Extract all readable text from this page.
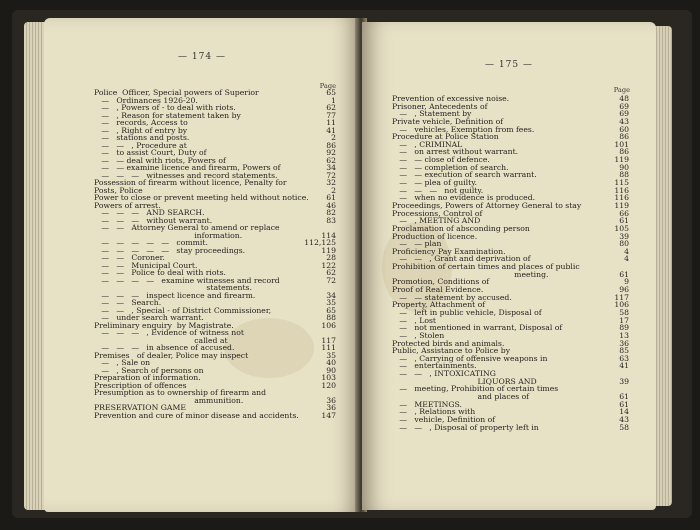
— 174 —
Page
Police  Officer, Special powers of Superior	65
—   Ordinances 1926-20.	1
—   , Powers of - to deal with riots.	62
—   , Reason for statement taken by	77
—   records, Access to	11
—   , Right of entry by	41
—   stations and posts.	2
—   —   , Procedure at	86
—   to assist Court, Duty of	92
—   — deal with riots, Powers of	62
—   — examine licence and firearm, Powers of	34
—   —   —   witnesses and record statements.	72
Possession of firearm without licence, Penalty for	32
Posts, Police	2
Power to close or prevent meeting held without notice. 61
Powers of arrest.	46
—   —   —   AND SEARCH.	82
—   —   —   without warrant.	83
—   —   Attorney General to amend or replace
information.	114
—   —   —   —   —   commit.	112,125
—   —   —   —   —   stay proceedings.	119
—   —   Coroner.	28
—   —   Municipal Court.	122
—   —   Police to deal with riots.	62
—   —   —   —   examine witnesses and record	72
statements.
—   —   —   inspect licence and firearm.	34
—   —   Search.	35
—   —   , Special - of District Commissioner,	65
—   under search warrant.	88
Preliminary enquiry  by Magistrate.	106
—   —   —   , Evidence of witness not
called at	117
—   —   —   in absence of accused.	111
Premises   of dealer, Police may inspect	35
—   , Sale on	40
—   , Search of persons on	90
Preparation of information.	103
Prescription of offences	120
Presumption as to ownership of firearm and
ammunition.	36
PRESERVATION GAME	36
Prevention and cure of minor disease and accidents.	147
— 175 —
Page
Prevention of excessive noise.	48
Prisoner, Antecedents of	69
—   , Statement by	69
Private vehicle, Definition of	43
—   vehicles, Exemption from fees.	60
Procedure at Police Station	86
—   , CRIMINAL	101
—   on arrest without warrant.	86
—   — close of defence.	119
—   — completion of search.	90
—   — execution of search warrant.	88
—   — plea of guilty.	115
—   —   —   not guilty.	116
—   when no evidence is produced.	116
Proceedings, Powers of Attorney General to stay	119
Processions, Control of	66
—   , MEETING AND	61
Proclamation of absconding person	105
Production of licence.	39
—   — plan	80
Proficiency Pay Examination.	4
—   —   , Grant and deprivation of	4
Prohibition of certain times and places of public
meeting.	61
Promotion, Conditions of	9
Proof of Real Evidence.	96
—   — statement by accused.	117
Property, Attachment of	106
—   left in public vehicle, Disposal of	58
—   , Lost	17
—   not mentioned in warrant, Disposal of	89
—   , Stolen	13
Protected birds and animals.	36
Public, Assistance to Police by	85
—   , Carrying of offensive weapons in	63
—   entertainments.	41
—   —   , INTOXICATING
LIQUORS AND	39
—   meeting, Prohibition of certain times
and places of	61
—   MEETINGS.	61
—   , Relations with	14
—   vehicle, Definition of	43
—   —   , Disposal of property left in	58
